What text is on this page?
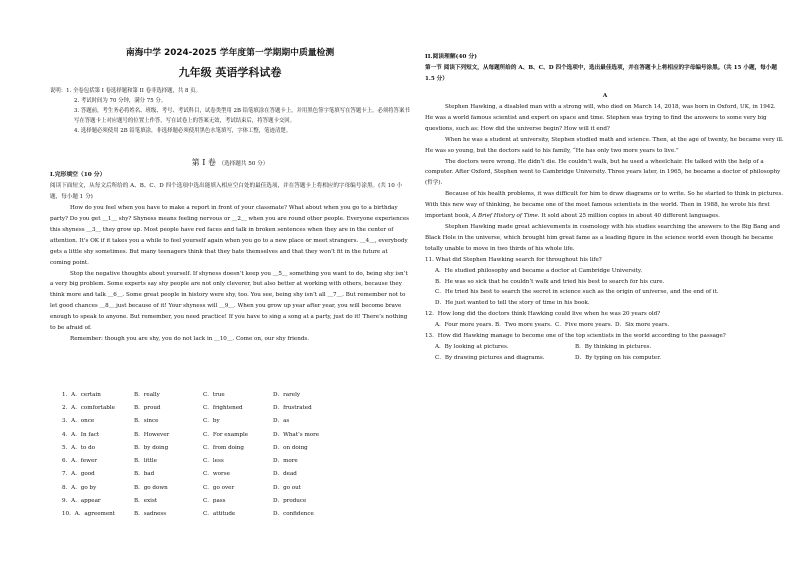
南海中学 2024-2025 学年度第一学期期中质量检测
九年级 英语学科试卷

说明：1. 全卷包括第 I 卷选择题和第 II 卷非选择题，共 8 页。

2. 考试时间为 70 分钟，满分 75 分。

3. 答题前，考生务必将姓名、班级、考号、考试科目，试卷类型用 2B 铅笔填涂在答题卡上，并用黑色签字笔填写在答题卡上。必须将答案书写在答题卡上对应题号的位置上作答，写在试卷上的答案无效，考试结束后，将答题卡交回。

4. 选择题必须使用 2B 铅笔填涂，非选择题必须使用黑色水笔填写，字体工整，笔迹清楚。

第 I 卷 （选择题共 50 分）

I.完形填空（10 分）

阅读下面短文，从每文后所给的 A、B、C、D 四个选项中选出能填入相应空白处的最佳选项，并在答题卡上将相应的字母编号涂黑。(共 10 小题，每小题 1 分)

How do you feel when you have to make a report in front of your classmate? What about when you go to a birthday party? Do you get ＿1＿ shy? Shyness means feeling nervous or ＿2＿ when you are round other people. Everyone experiences this shyness ＿3＿ they grow up. Most people have red faces and talk in broken sentences when they are in the center of attention. It’s OK if it takes you a while to feel yourself again when you go to a new place or meet strangers. ＿4＿, everybody gets a little shy sometimes. But many teenagers think that they hate themselves and that they won’t fit in the future at coming point.

Stop the negative thoughts about yourself. If shyness doesn’t keep you ＿5＿ something you want to do, being shy isn’t a very big problem. Some experts say shy people are not only cleverer, but also better at working with others, because they think more and talk ＿6＿. Some great people in history were shy, too. You see, being shy isn’t all ＿7＿. But remember not to let good chances ＿8＿ just because of it! Your shyness will ＿9＿. When you grow up year after year, you will become brave enough to speak to anyone. But remember, you need practice! If you have to sing a song at a party, just do it! There’s nothing to be afraid of.

Remember: though you are shy, you do not lack in ＿10＿. Come on, our shy friends.

1．A．certain	B．really	C．true	D．rarely
2．A．comfortable	B．proud	C．frightened	D．frustrated
3．A．once	B．since	C．by	D．as
4．A．In fact	B．However	C．For example	D．What’s more
5．A．to do	B．by doing	C．from doing	D．on doing
6．A．fewer	B．little	C．less	D．more
7．A．good	B．bad	C．worse	D．dead
8．A．go by	B．go down	C．go over	D．go out
9．A．appear	B．exist	C．pass	D．produce
10．A．agreement	B．sadness	C．attitude	D．confidence

II.阅读理解(40 分)

第一节 阅读下列短文，从每题所给的 A、B、C、D 四个选项中，选出最佳选项，并在答题卡上将相应的字母编号涂黑。（共 15 小题，每小题 1.5 分）

A

Stephen Hawking, a disabled man with a strong will, who died on March 14, 2018, was born in Oxford, UK, in 1942. He was a world famous scientist and expert on space and time. Stephen was trying to find the answers to some very big questions, such as: How did the universe begin? How will it end?

When he was a student at university, Stephen studied math and science. Then, at the age of twenty, he became very ill. He was so young, but the doctors said to his family, “He has only two more years to live.”

The doctors were wrong. He didn’t die. He couldn’t walk, but he used a wheelchair. He talked with the help of a computer. After Oxford, Stephen went to Cambridge University. Three years later, in 1965, he became a doctor of philosophy (哲学).

Because of his health problems, it was difficult for him to draw diagrams or to write. So he started to think in pictures. With this new way of thinking, he became one of the most famous scientists in the world. Then in 1988, he wrote his first important book, A Brief History of Time. It sold about 25 million copies in about 40 different languages.

Stephen Hawking made great achievements in cosmology with his studies searching the answers to the Big Bang and Black Hole in the universe, which brought him great fame as a leading figure in the science world even though he became totally unable to move in two thirds of his whole life.

11. What did Stephen Hawking search for throughout his life?

A．He studied philosophy and became a doctor at Cambridge University.

B．He was so sick that he couldn’t walk and tried his best to search for his cure.

C．He tried his best to search the secret in science such as the origin of universe, and the end of it.

D．He just wanted to tell the story of time in his book.

12．How long did the doctors think Hawking could live when he was 20 years old?

A．Four more years. B．Two more years. C．Five more years. D．Six more years.

13．How did Hawking manage to become one of the top scientists in the world according to the passage?

A．By looking at pictures.	B．By thinking in pictures.
C．By drawing pictures and diagrams.	D．By typing on his computer.
